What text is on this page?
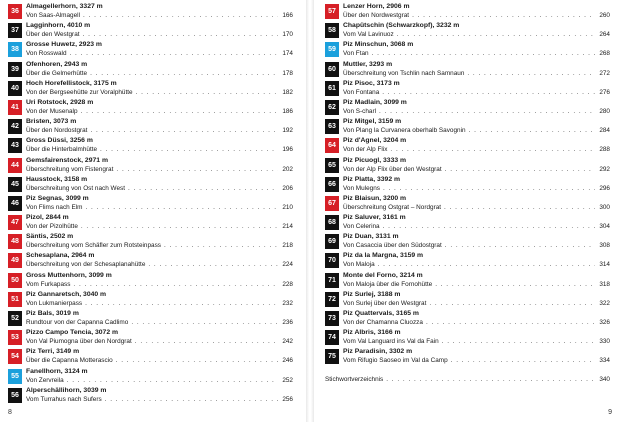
36
Almagellerhorn, 3327 m
Von Saas-Almagell . . .	166
37
Lagginhorn, 4010 m
Über den Westgrat . . .	170
38
Grosse Huwetz, 2923 m
Von Rosswald . . .	174
39
Ofenhoren, 2943 m
Über die Gelmerhütte . . .	178
40
Hoch Horefellistock, 3175 m
Von der Bergseehütte zur Voralphütte . . .	182
41
Uri Rotstock, 2928 m
Von der Musenalp . . .	186
42
Bristen, 3073 m
Über den Nordostgrat . . .	192
43
Gross Düssi, 3256 m
Über die Hinterbalmhütte . . .	196
44
Gemsfairenstock, 2971 m
Überschreitung vom Fistengrat . . .	202
45
Hausstock, 3158 m
Überschreitung von Ost nach West . . .	206
46
Piz Segnas, 3099 m
Von Flims nach Elm . . .	210
47
Pizol, 2844 m
Von der Pizolhütte . . .	214
48
Säntis, 2502 m
Überschreitung vom Schäfler zum Rotsteinpass . . .	218
49
Schesaplana, 2964 m
Überschreitung von der Schesaplanahütte . . .	224
50
Gross Muttenhorn, 3099 m
Vom Furkapass . . .	228
51
Piz Gannaretsch, 3040 m
Von Lukmanierpass . . .	232
52
Piz Bals, 3019 m
Rundtour von der Capanna Cadlimo . . .	236
53
Pizzo Campo Tencia, 3072 m
Von Val Piumogna über den Nordgrat . . .	242
54
Piz Terri, 3149 m
Über die Capanna Motterascio . . .	246
55
Fanellhorn, 3124 m
Von Zervreila . . .	252
56
Alperschällihorn, 3039 m
Vom Turrahus nach Sufers . . .	256
8
57
Lenzer Horn, 2906 m
Über den Nordwestgrat . . .	260
58
Chapütschin (Schwarzkopf), 3232 m
Vom Val Lavinuoz . . .	264
59
Piz Minschun, 3068 m
Von Ftan . . .	268
60
Muttler, 3293 m
Überschreitung von Tschlin nach Samnaun . . .	272
61
Piz Pisoc, 3173 m
Von Fontana . . .	276
62
Piz Madlain, 3099 m
Von S-charl . . .	280
63
Piz Mitgel, 3159 m
Von Plang la Curvanera oberhalb Savognin . . .	284
64
Piz d'Agnel, 3204 m
Von der Alp Flix . . .	288
65
Piz Picuogl, 3333 m
Von der Alp Flix über den Westgrat . . .	292
66
Piz Platta, 3392 m
Von Mulegns . . .	296
67
Piz Blaisun, 3200 m
Überschreitung Ostgrat – Nordgrat . . .	300
68
Piz Saluver, 3161 m
Von Celerina . . .	304
69
Piz Duan, 3131 m
Von Casaccia über den Südostgrat . . .	308
70
Piz da la Margna, 3159 m
Von Maloja . . .	314
71
Monte del Forno, 3214 m
Von Maloja über die Fornohütte . . .	318
72
Piz Surlej, 3188 m
Von Surlej über den Westgrat . . .	322
73
Piz Quattervals, 3165 m
Von der Chamanna Cluozza . . .	326
74
Piz Albris, 3166 m
Vom Val Languard ins Val da Fain . . .	330
75
Piz Paradisin, 3302 m
Vom Rifugio Saoseo im Val da Camp . . .	334
Stichwortverzeichnis . . .	340
9
